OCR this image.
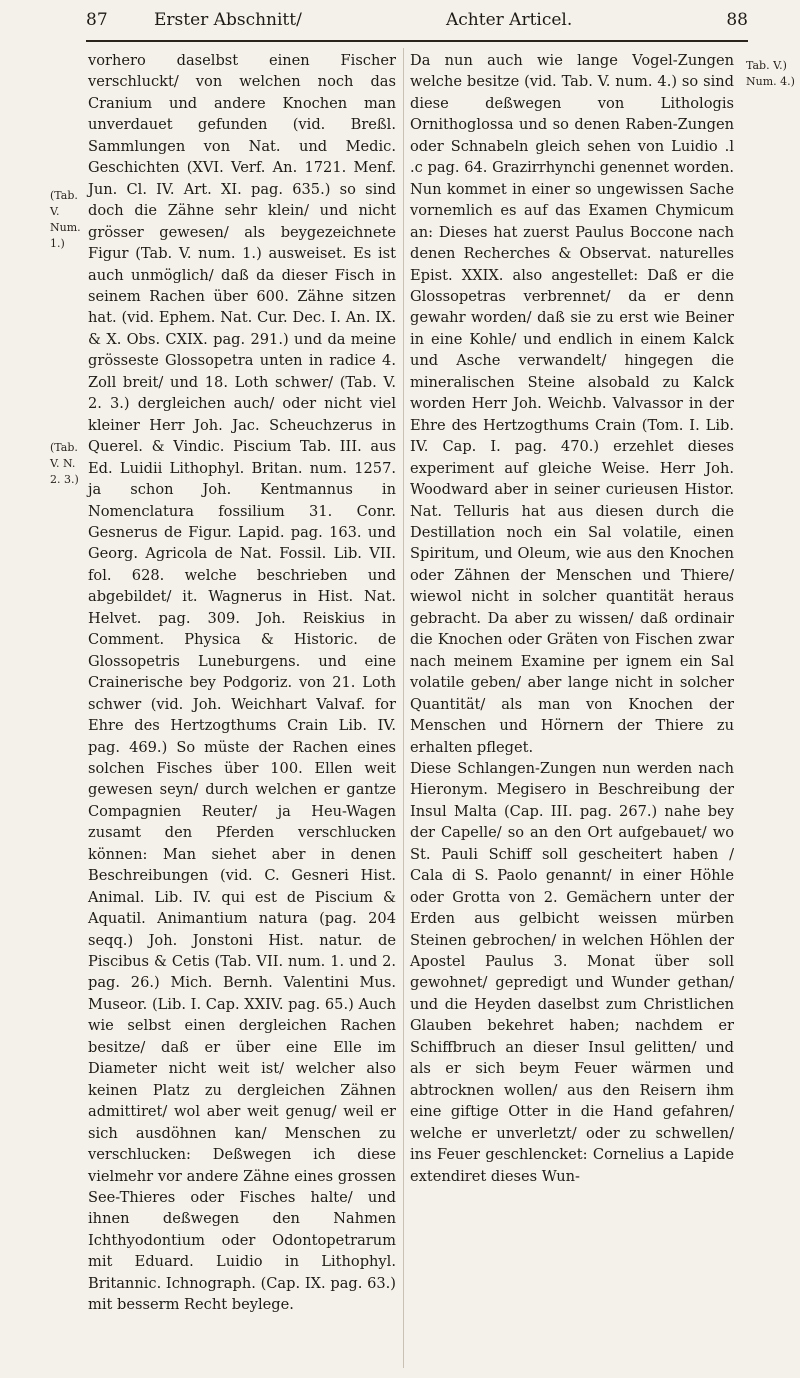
87	Erster Abschnitt/	Achter Articel.	88
(Tab. V. Num. 1.)
(Tab. V. N. 2. 3.)
Tab. V.) Num. 4.)

vorhero daselbst einen Fischer verschluckt/ von welchen noch das Cranium und andere Knochen man unverdauet gefunden (vid. Breßl. Sammlungen von Nat. und Medic. Geschichten (XVI. Verf. An. 1721. Menf. Jun. Cl. IV. Art. XI. pag. 635.) so sind doch die Zähne sehr klein/ und nicht grösser gewesen/ als beygezeichnete Figur (Tab. V. num. 1.) ausweiset. Es ist auch unmöglich/ daß da dieser Fisch in seinem Rachen über 600. Zähne sitzen hat. (vid. Ephem. Nat. Cur. Dec. I. An. IX. & X. Obs. CXIX. pag. 291.) und da meine grösseste Glossopetra unten in radice 4. Zoll breit/ und 18. Loth schwer/ (Tab. V. 2. 3.) dergleichen auch/ oder nicht viel kleiner Herr Joh. Jac. Scheuchzerus in Querel. & Vindic. Piscium Tab. III. aus Ed. Luidii Lithophyl. Britan. num. 1257. ja schon Joh. Kentmannus in Nomenclatura fossilium 31. Conr. Gesnerus de Figur. Lapid. pag. 163. und Georg. Agricola de Nat. Fossil. Lib. VII. fol. 628. welche beschrieben und abgebildet/ it. Wagnerus in Hist. Nat. Helvet. pag. 309. Joh. Reiskius in Comment. Physica & Historic. de Glossopetris Luneburgens. und eine Crainerische bey Podgoriz. von 21. Loth schwer (vid. Joh. Weichhart Valvaf. for Ehre des Hertzogthums Crain Lib. IV. pag. 469.) So müste der Rachen eines solchen Fisches über 100. Ellen weit gewesen seyn/ durch welchen er gantze Compagnien Reuter/ ja Heu-Wagen zusamt den Pferden verschlucken können: Man siehet aber in denen Beschreibungen (vid. C. Gesneri Hist. Animal. Lib. IV. qui est de Piscium & Aquatil. Animantium natura (pag. 204 seqq.) Joh. Jonstoni Hist. natur. de Piscibus & Cetis (Tab. VII. num. 1. und 2. pag. 26.) Mich. Bernh. Valentini Mus. Museor. (Lib. I. Cap. XXIV. pag. 65.) Auch wie selbst einen dergleichen Rachen besitze/ daß er über eine Elle im Diameter nicht weit ist/ welcher also keinen Platz zu dergleichen Zähnen admittiret/ wol aber weit genug/ weil er sich ausdöhnen kan/ Menschen zu verschlucken: Deßwegen ich diese vielmehr vor andere Zähne eines grossen See-Thieres oder Fisches halte/ und ihnen deßwegen den Nahmen Ichthyodontium oder Odontopetrarum mit Eduard. Luidio in Lithophyl. Britannic. Ichnograph. (Cap. IX. pag. 63.) mit besserm Recht beylege.

Da nun auch wie lange Vogel-Zungen welche besitze (vid. Tab. V. num. 4.) so sind diese deßwegen von Lithologis Ornithoglossa und so denen Raben-Zungen oder Schnabeln gleich sehen von Luidio .l .c pag. 64. Grazirrhynchi genennet worden. Nun kommet in einer so ungewissen Sache vornemlich es auf das Examen Chymicum an: Dieses hat zuerst Paulus Boccone nach denen Recherches & Observat. naturelles Epist. XXIX. also angestellet: Daß er die Glossopetras verbrennet/ da er denn gewahr worden/ daß sie zu erst wie Beiner in eine Kohle/ und endlich in einem Kalck und Asche verwandelt/ hingegen die mineralischen Steine alsobald zu Kalck worden Herr Joh. Weichb. Valvassor in der Ehre des Hertzogthums Crain (Tom. I. Lib. IV. Cap. I. pag. 470.) erzehlet dieses experiment auf gleiche Weise. Herr Joh. Woodward aber in seiner curieusen Histor. Nat. Telluris hat aus diesen durch die Destillation noch ein Sal volatile, einen Spiritum, und Oleum, wie aus den Knochen oder Zähnen der Menschen und Thiere/ wiewol nicht in solcher quantität heraus gebracht. Da aber zu wissen/ daß ordinair die Knochen oder Gräten von Fischen zwar nach meinem Examine per ignem ein Sal volatile geben/ aber lange nicht in solcher Quantität/ als man von Knochen der Menschen und Hörnern der Thiere zu erhalten pfleget.

Diese Schlangen-Zungen nun werden nach Hieronym. Megisero in Beschreibung der Insul Malta (Cap. III. pag. 267.) nahe bey der Capelle/ so an den Ort aufgebauet/ wo St. Pauli Schiff soll gescheitert haben / Cala di S. Paolo genannt/ in einer Höhle oder Grotta von 2. Gemächern unter der Erden aus gelbicht weissen mürben Steinen gebrochen/ in welchen Höhlen der Apostel Paulus 3. Monat über soll gewohnet/ gepredigt und Wunder gethan/ und die Heyden daselbst zum Christlichen Glauben bekehret haben; nachdem er Schiffbruch an dieser Insul gelitten/ und als er sich beym Feuer wärmen und abtrocknen wollen/ aus den Reisern ihm eine giftige Otter in die Hand gefahren/ welche er unverletzt/ oder zu schwellen/ ins Feuer geschlencket: Cornelius a Lapide extendiret dieses Wun-
